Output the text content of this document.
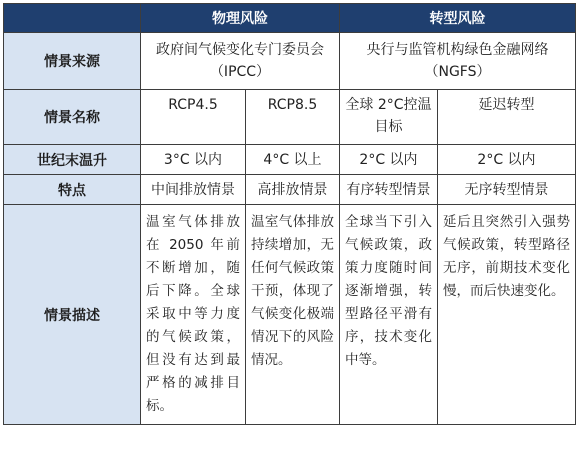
	物理风险		转型风险	
情景来源	政府间气候变化专门委员会（IPCC）		央行与监管机构绿色金融网络（NGFS）	
情景名称	RCP4.5	RCP8.5	全球 2°C控温目标	延迟转型
世纪末温升	3°C 以内	4°C 以上	2°C 以内	2°C 以内
特点	中间排放情景	高排放情景	有序转型情景	无序转型情景
情景描述	温室气体排放在 2050 年前不断增加，随后下降。全球采取中等力度的气候政策，但没有达到最严格的减排目标。	温室气体排放持续增加，无任何气候政策干预，体现了气候变化极端情况下的风险情况。	全球当下引入气候政策，政策力度随时间逐渐增强，转型路径平滑有序，技术变化中等。	延后且突然引入强势气候政策，转型路径无序，前期技术变化慢，而后快速变化。
